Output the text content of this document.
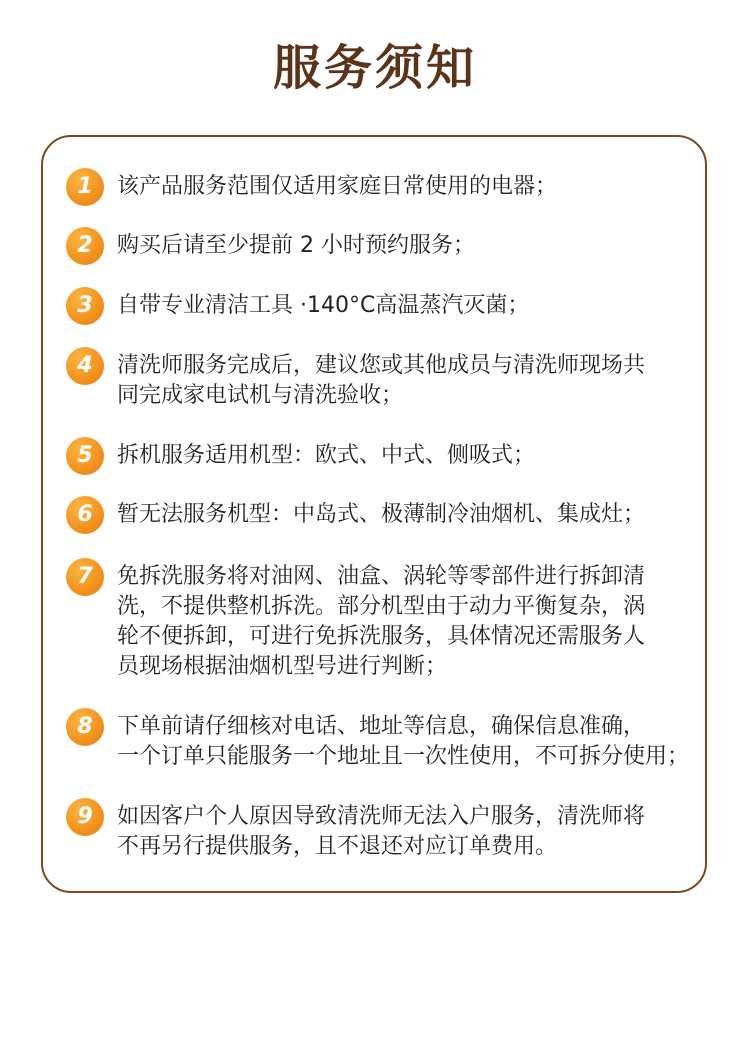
服务须知
1	该产品服务范围仅适用家庭日常使用的电器；
2	购买后请至少提前 2 小时预约服务；
3	自带专业清洁工具 ·140°C高温蒸汽灭菌；
4	清洗师服务完成后，建议您或其他成员与清洗师现场共
同完成家电试机与清洗验收；
5	拆机服务适用机型：欧式、中式、侧吸式；
6	暂无法服务机型：中岛式、极薄制冷油烟机、集成灶；
7	免拆洗服务将对油网、油盒、涡轮等零部件进行拆卸清
洗，不提供整机拆洗。部分机型由于动力平衡复杂，涡
轮不便拆卸，可进行免拆洗服务，具体情况还需服务人
员现场根据油烟机型号进行判断；
8	下单前请仔细核对电话、地址等信息，确保信息准确，
一个订单只能服务一个地址且一次性使用，不可拆分使用；
9	如因客户个人原因导致清洗师无法入户服务，清洗师将
不再另行提供服务，且不退还对应订单费用。
